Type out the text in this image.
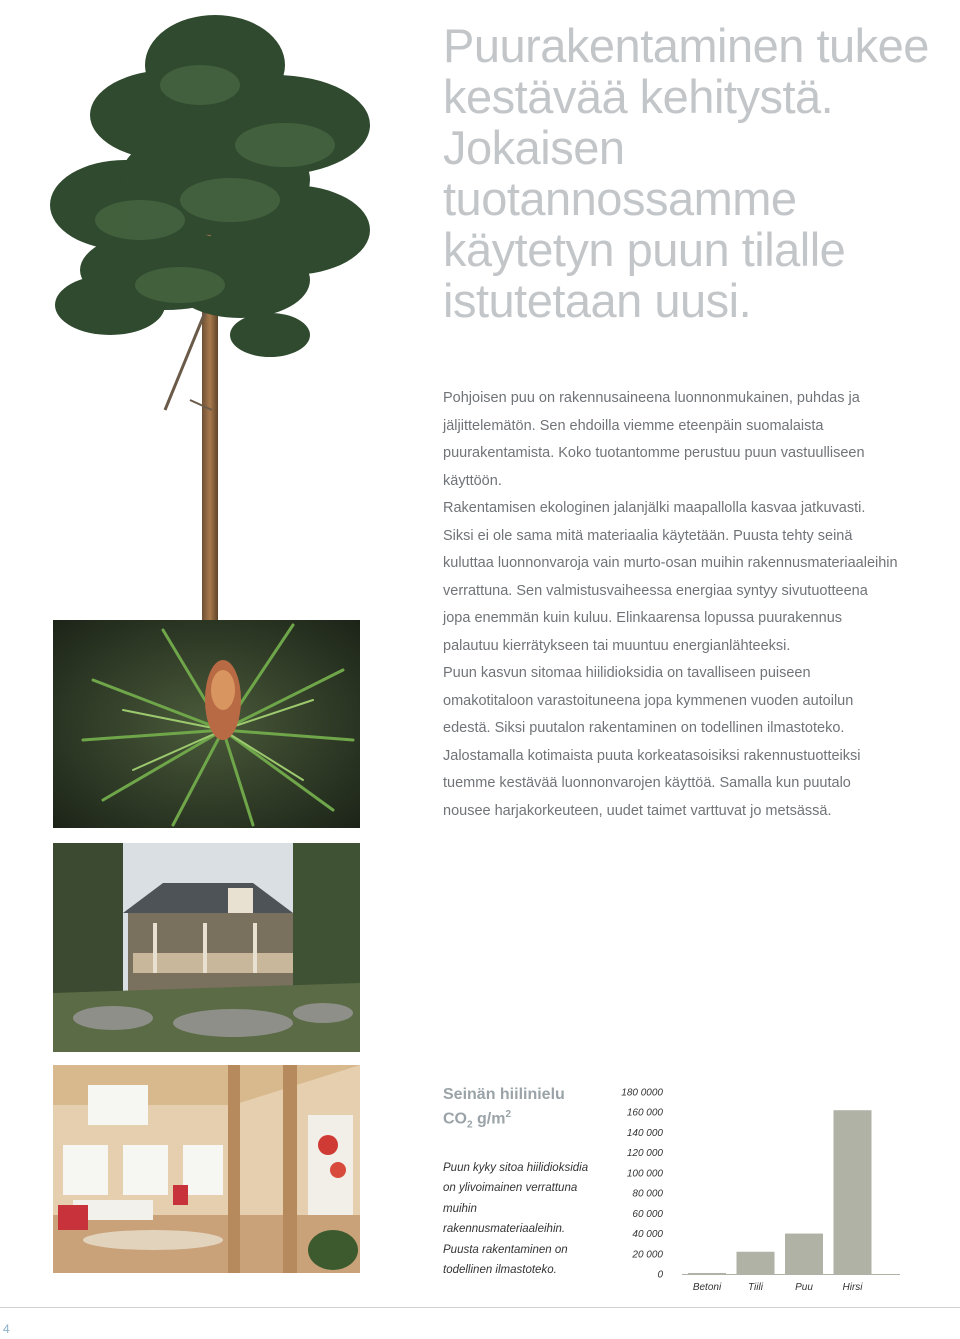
Puurakentaminen tukee kestävää kehitystä. Jokaisen tuotannossamme käytetyn puun tilalle istutetaan uusi.

Pohjoisen puu on rakennusaineena luonnonmukainen, puhdas ja jäljittelemätön. Sen ehdoilla viemme eteenpäin suomalaista puurakentamista. Koko tuotantomme perustuu puun vastuulliseen käyttöön.

Rakentamisen ekologinen jalanjälki maapallolla kasvaa jatkuvasti. Siksi ei ole sama mitä materiaalia käytetään. Puusta tehty seinä kuluttaa luonnonvaroja vain murto-osan muihin rakennusmateriaaleihin verrattuna. Sen valmistusvaiheessa energiaa syntyy sivutuotteena jopa enemmän kuin kuluu. Elinkaarensa lopussa puurakennus palautuu kierrätykseen tai muuntuu energianlähteeksi.

Puun kasvun sitomaa hiilidioksidia on tavalliseen puiseen omakotitaloon varastoituneena jopa kymmenen vuoden autoilun edestä. Siksi puutalon rakentaminen on todellinen ilmastoteko.

Jalostamalla kotimaista puuta korkeatasoisiksi rakennustuotteiksi tuemme kestävää luonnonvarojen käyttöä. Samalla kun puutalo nousee harjakorkeuteen, uudet taimet varttuvat jo metsässä.

Seinän hiilinielu
$CO_2$ $g/m^2$

Puun kyky sitoa hiilidioksidia on ylivoimainen verrattuna muihin rakennusmateriaaleihin. Puusta rakentaminen on todellinen ilmastoteko.	0
20 000
40 000
60 000
80 000
100 000
120 000
140 000
160 000
180 0000
Betoni	Tiili	Puu	Hirsi
4
